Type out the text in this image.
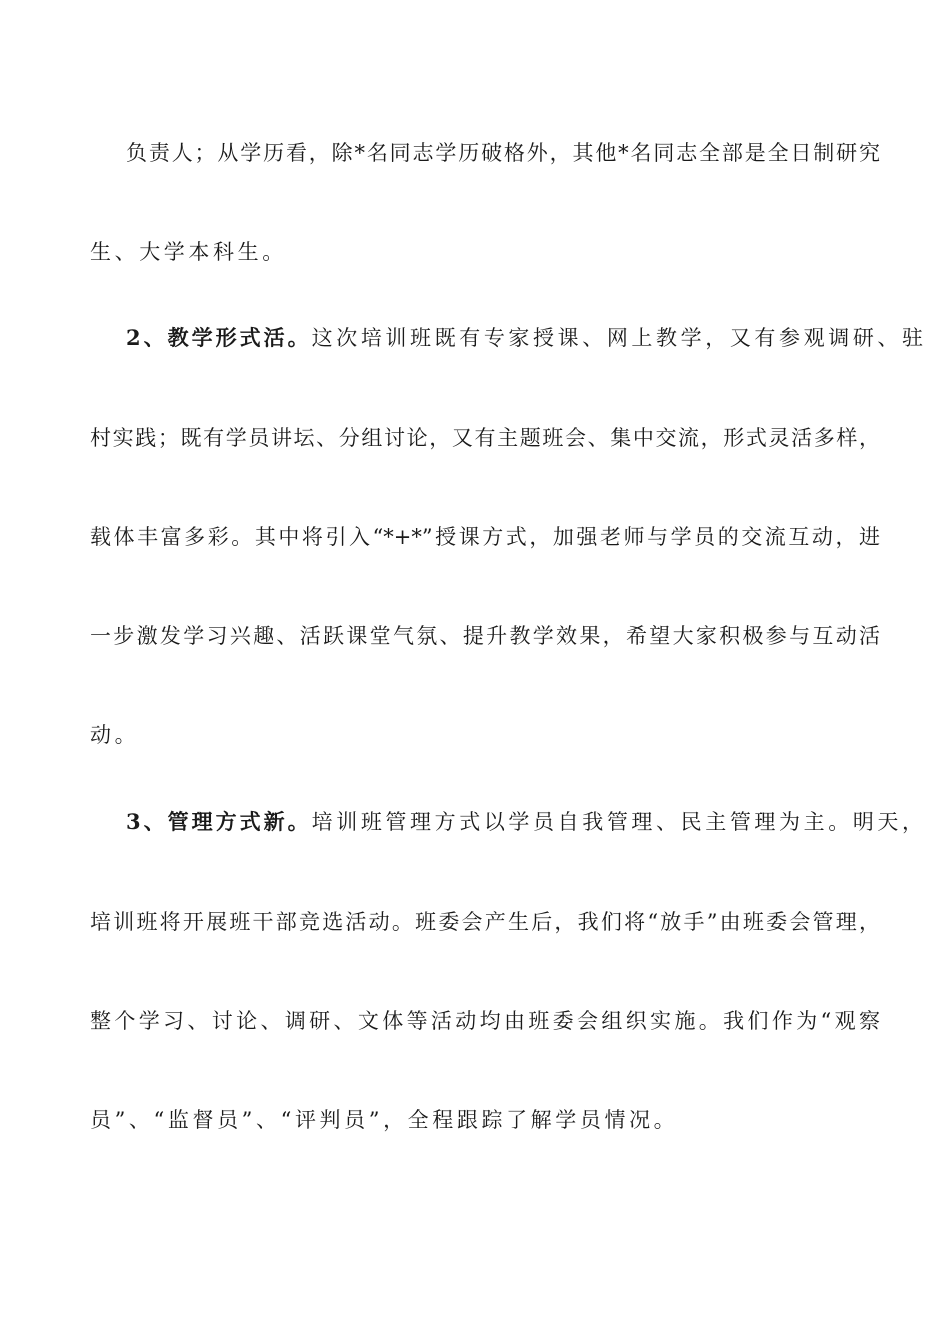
负责人；从学历看，除*名同志学历破格外，其他*名同志全部是全日制研究
生、大学本科生。
2、教学形式活。这次培训班既有专家授课、网上教学，又有参观调研、驻
村实践；既有学员讲坛、分组讨论，又有主题班会、集中交流，形式灵活多样，
载体丰富多彩。其中将引入“*+*”授课方式，加强老师与学员的交流互动，进
一步激发学习兴趣、活跃课堂气氛、提升教学效果，希望大家积极参与互动活
动。
3、管理方式新。培训班管理方式以学员自我管理、民主管理为主。明天，
培训班将开展班干部竞选活动。班委会产生后，我们将“放手”由班委会管理，
整个学习、讨论、调研、文体等活动均由班委会组织实施。我们作为“观察
员”、“监督员”、“评判员”，全程跟踪了解学员情况。
